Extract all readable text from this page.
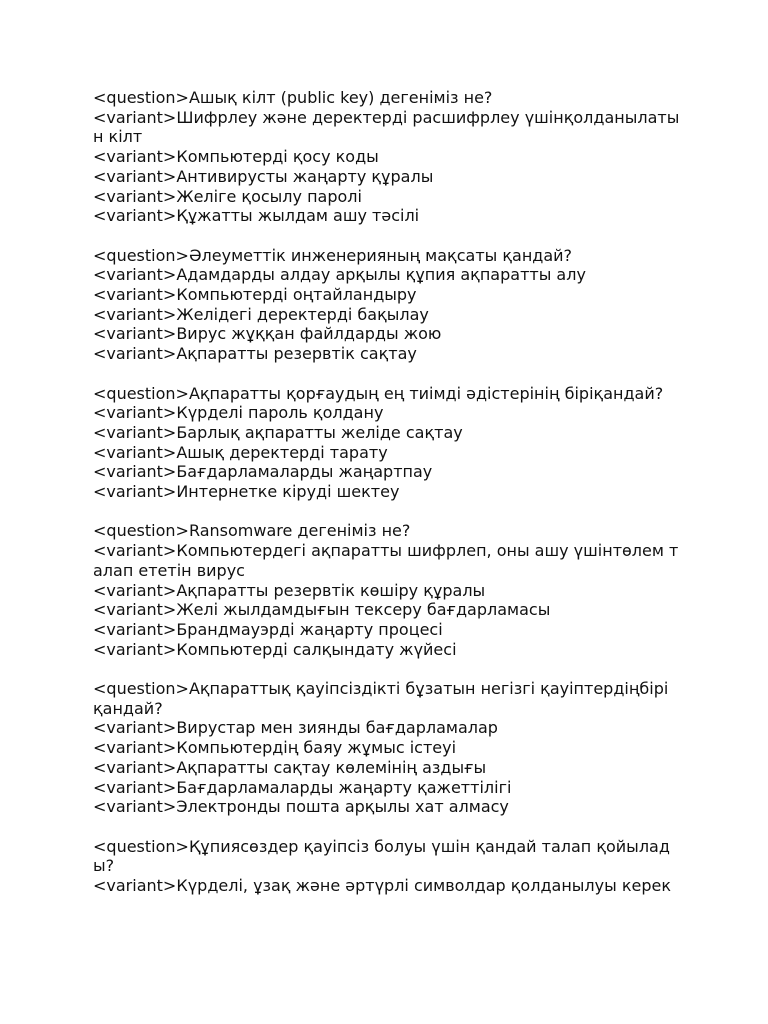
<question>Ашық кілт (public key) дегеніміз не?
<variant>Шифрлеу және деректерді расшифрлеу үшінқолданылатын кілт
<variant>Компьютерді қосу коды
<variant>Антивирусты жаңарту құралы
<variant>Желіге қосылу паролі
<variant>Құжатты жылдам ашу тәсілі
<question>Әлеуметтік инженерияның мақсаты қандай?
<variant>Адамдарды алдау арқылы құпия ақпаратты алу
<variant>Компьютерді оңтайландыру
<variant>Желідегі деректерді бақылау
<variant>Вирус жұққан файлдарды жою
<variant>Ақпаратты резервтік сақтау
<question>Ақпаратты қорғаудың ең тиімді әдістерінің бірiқандай?
<variant>Күрделі пароль қолдану
<variant>Барлық ақпаратты желіде сақтау
<variant>Ашық деректерді тарату
<variant>Бағдарламаларды жаңартпау
<variant>Интернетке кіруді шектеу
<question>Ransomware дегеніміз не?
<variant>Компьютердегі ақпаратты шифрлеп, оны ашу үшінтөлем талап ететін вирус
<variant>Ақпаратты резервтік көшіру құралы
<variant>Желі жылдамдығын тексеру бағдарламасы
<variant>Брандмауэрді жаңарту процесі
<variant>Компьютерді салқындату жүйесі
<question>Ақпараттық қауіпсіздікті бұзатын негізгі қауіптердiңбірі қандай?
<variant>Вирустар мен зиянды бағдарламалар
<variant>Компьютердің баяу жұмыс істеуі
<variant>Ақпаратты сақтау көлемінің аздығы
<variant>Бағдарламаларды жаңарту қажеттілігі
<variant>Электронды пошта арқылы хат алмасу
<question>Құпиясөздер қауіпсіз болуы үшін қандай талап қойылады?
<variant>Күрделі, ұзақ және әртүрлі символдар қолданылуы керек
